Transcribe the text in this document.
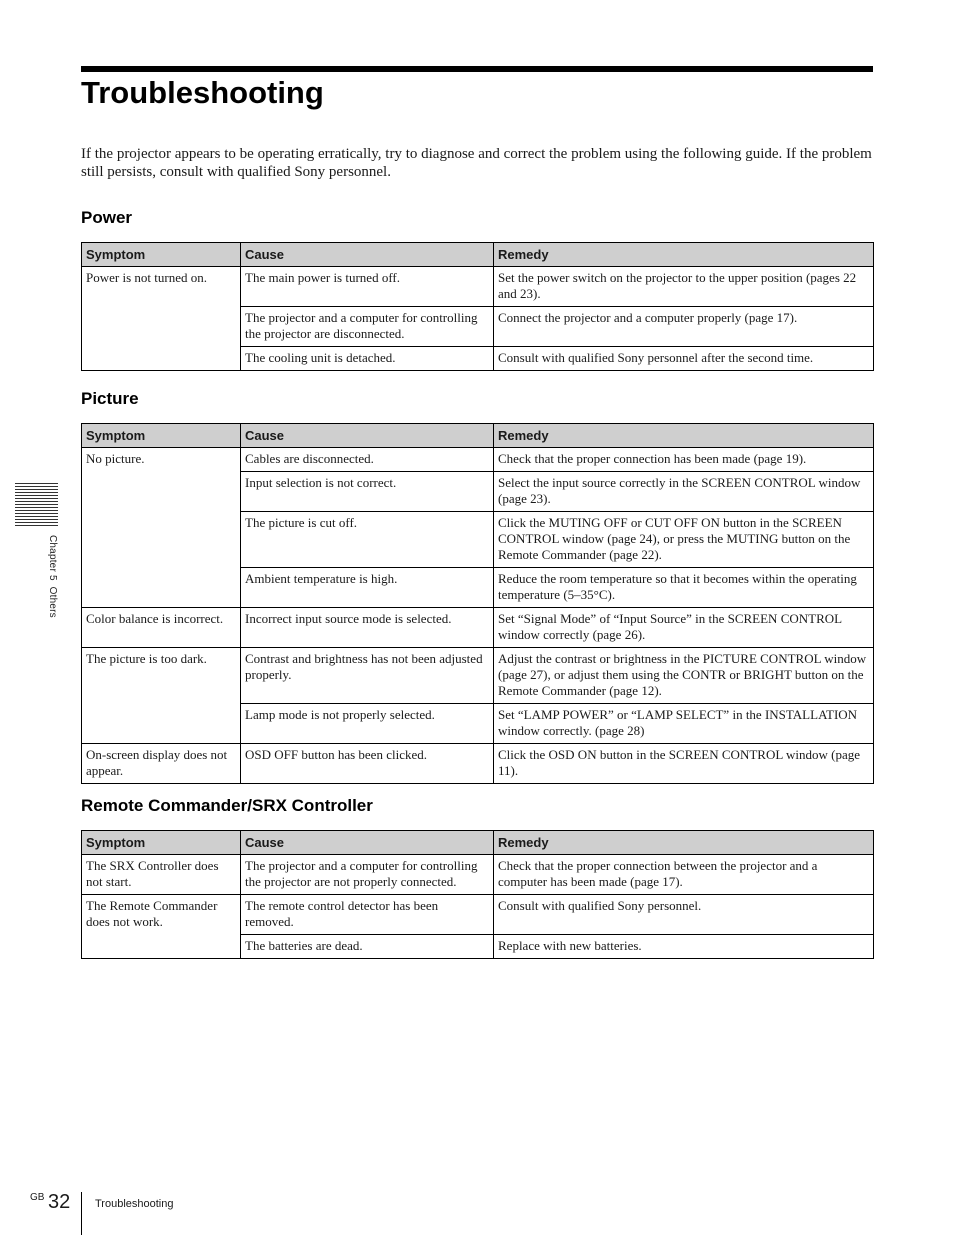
Troubleshooting

If the projector appears to be operating erratically, try to diagnose and correct the problem using the following guide. If the problem still persists, consult with qualified Sony personnel.

Power
Symptom	Cause	Remedy
Power is not turned on.	The main power is turned off.	Set the power switch on the projector to the upper position (pages 22 and 23).
	The projector and a computer for controlling the projector are disconnected.	Connect the projector and a computer properly (page 17).
	The cooling unit is detached.	Consult with qualified Sony personnel after the second time.
Picture
Symptom	Cause	Remedy
No picture.	Cables are disconnected.	Check that the proper connection has been made (page 19).
	Input selection is not correct.	Select the input source correctly in the SCREEN CONTROL window (page 23).
	The picture is cut off.	Click the MUTING OFF or CUT OFF ON button in the SCREEN CONTROL window (page 24), or press the MUTING button on the Remote Commander (page 22).
	Ambient temperature is high.	Reduce the room temperature so that it becomes within the operating temperature (5–35°C).
Color balance is incorrect.	Incorrect input source mode is selected.	Set “Signal Mode” of “Input Source” in the SCREEN CONTROL window correctly (page 26).
The picture is too dark.	Contrast and brightness has not been adjusted properly.	Adjust the contrast or brightness in the PICTURE CONTROL window (page 27), or adjust them using the CONTR or BRIGHT button on the Remote Commander (page 12).
	Lamp mode is not properly selected.	Set “LAMP POWER” or “LAMP SELECT” in the INSTALLATION window correctly. (page 28)
On-screen display does not appear.	OSD OFF button has been clicked.	Click the OSD ON button in the SCREEN CONTROL window (page 11).
Remote Commander/SRX Controller
Symptom	Cause	Remedy
The SRX Controller does not start.	The projector and a computer for controlling the projector are not properly connected.	Check that the proper connection between the projector and a computer has been made (page 17).
The Remote Commander does not work.	The remote control detector has been removed.	Consult with qualified Sony personnel.
	The batteries are dead.	Replace with new batteries.
Chapter 5  Others
GB 32 Troubleshooting
